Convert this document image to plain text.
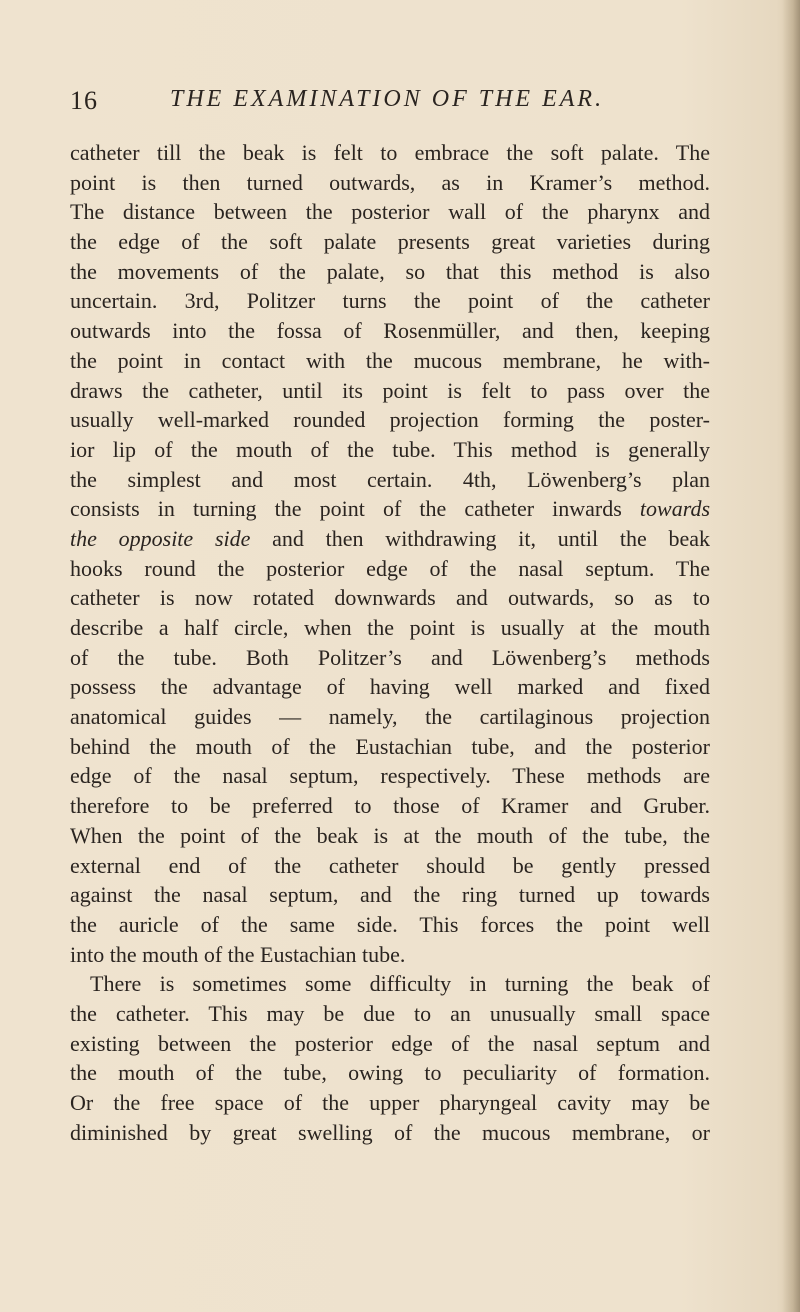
16	THE EXAMINATION OF THE EAR.
catheter till the beak is felt to embrace the soft palate. The
point is then turned outwards, as in Kramer’s method.
The distance between the posterior wall of the pharynx and
the edge of the soft palate presents great varieties during
the movements of the palate, so that this method is also
uncertain. 3rd, Politzer turns the point of the catheter
outwards into the fossa of Rosenmüller, and then, keeping
the point in contact with the mucous membrane, he with-
draws the catheter, until its point is felt to pass over the
usually well-marked rounded projection forming the poster-
ior lip of the mouth of the tube. This method is generally
the simplest and most certain. 4th, Löwenberg’s plan
consists in turning the point of the catheter inwards towards
the opposite side and then withdrawing it, until the beak
hooks round the posterior edge of the nasal septum. The
catheter is now rotated downwards and outwards, so as to
describe a half circle, when the point is usually at the mouth
of the tube. Both Politzer’s and Löwenberg’s methods
possess the advantage of having well marked and fixed
anatomical guides — namely, the cartilaginous projection
behind the mouth of the Eustachian tube, and the posterior
edge of the nasal septum, respectively. These methods are
therefore to be preferred to those of Kramer and Gruber.
When the point of the beak is at the mouth of the tube, the
external end of the catheter should be gently pressed
against the nasal septum, and the ring turned up towards
the auricle of the same side. This forces the point well
into the mouth of the Eustachian tube.
There is sometimes some difficulty in turning the beak of
the catheter. This may be due to an unusually small space
existing between the posterior edge of the nasal septum and
the mouth of the tube, owing to peculiarity of formation.
Or the free space of the upper pharyngeal cavity may be
diminished by great swelling of the mucous membrane, or
